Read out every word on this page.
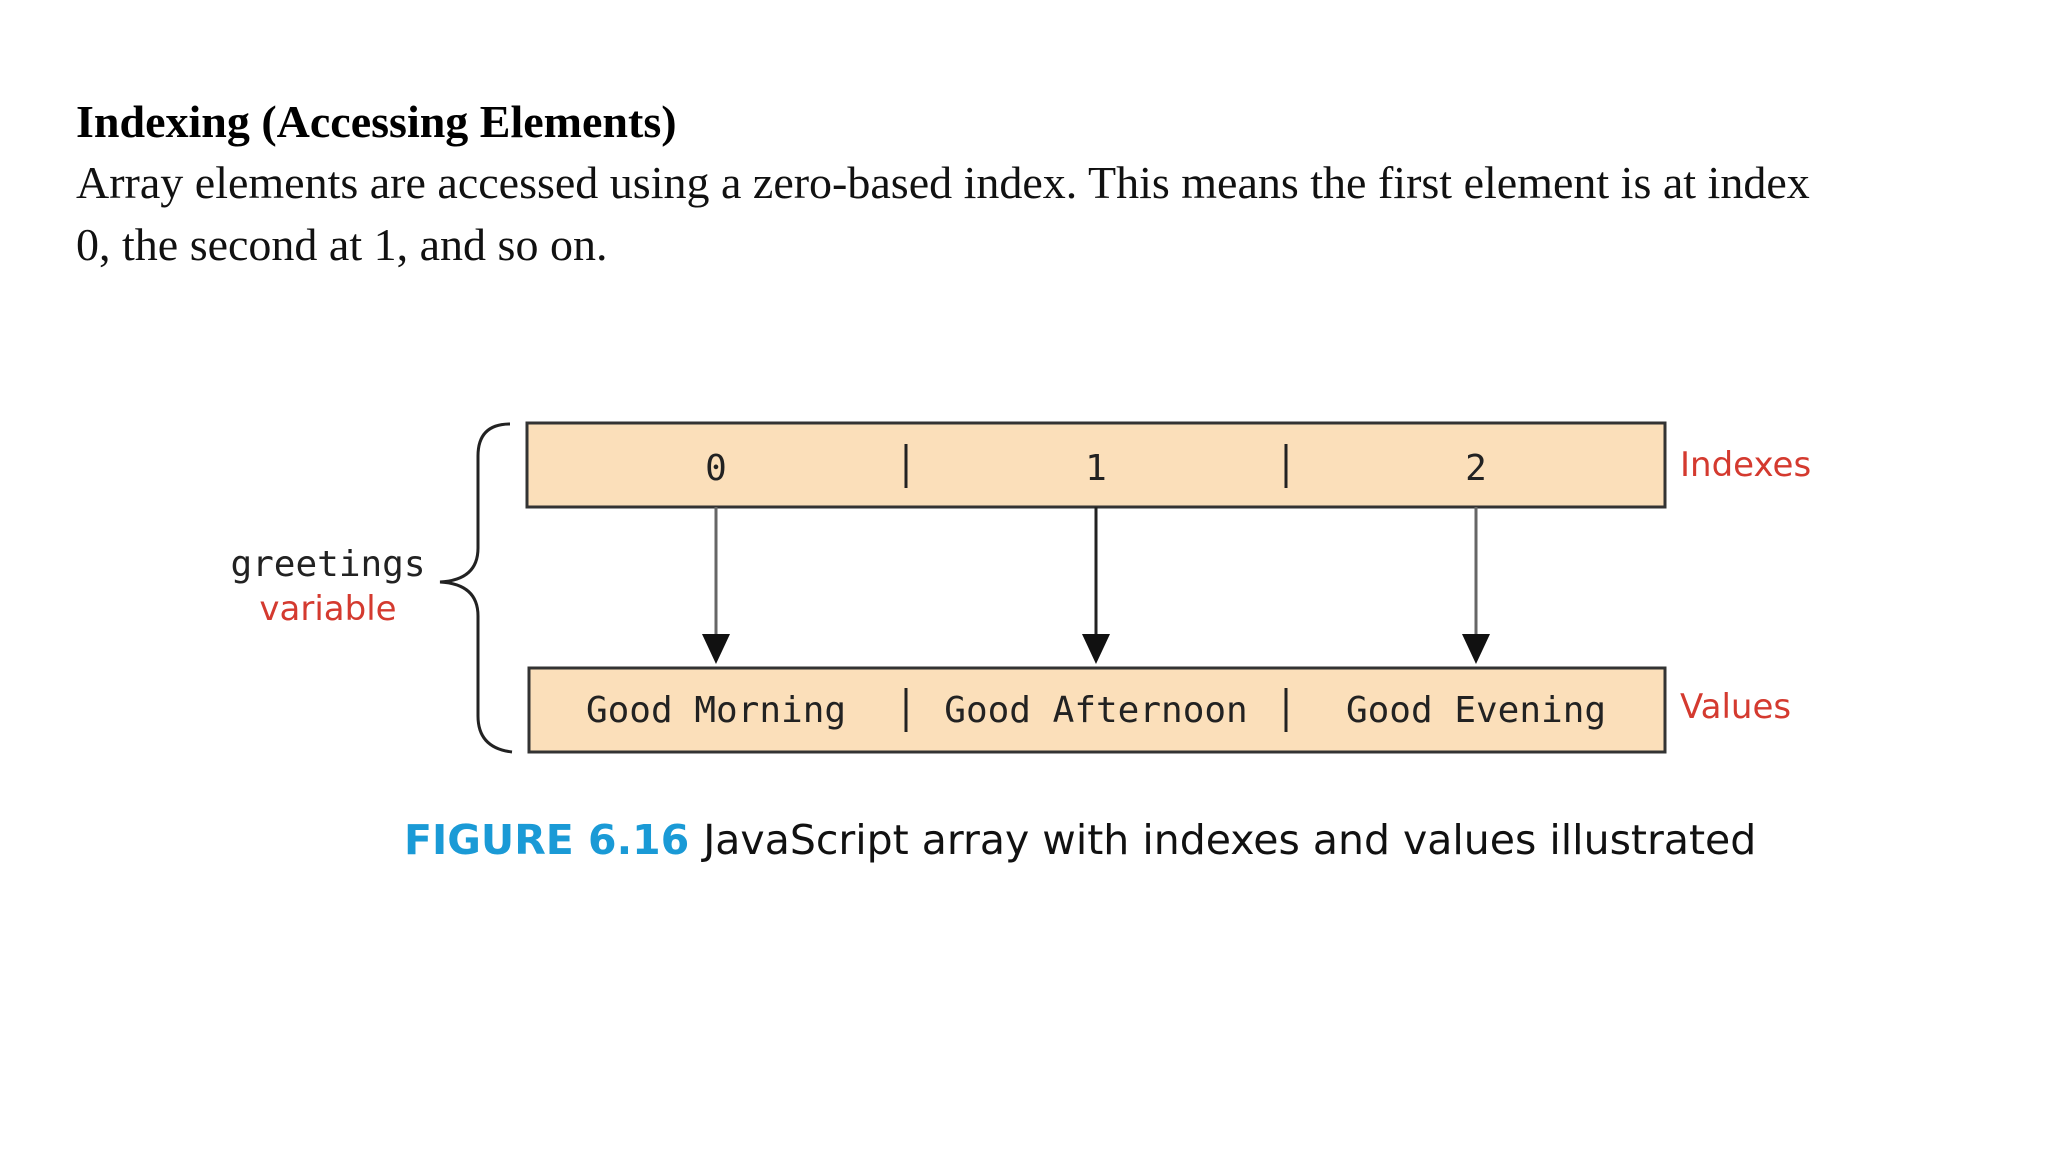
Indexing (Accessing Elements)

Array elements are accessed using a zero-based index. This means the first element is at index
0, the second at 1, and so on.

greetings
variable
0	1	2	Indexes
Good Morning	Good Afternoon	Good Evening Values
FIGURE 6.16 JavaScript array with indexes and values illustrated
